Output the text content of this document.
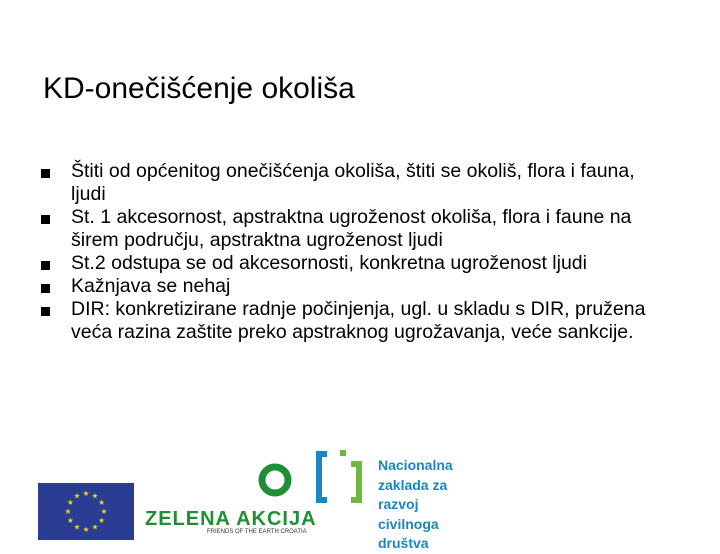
KD-onečišćenje okoliša
Štiti od općenitog onečišćenja okoliša, štiti se okoliš, flora i fauna, ljudi
St. 1 akcesornost, apstraktna ugroženost okoliša, flora i faune na širem području, apstraktna ugroženost ljudi
St.2 odstupa se od akcesornosti, konkretna ugroženost ljudi
Kažnjava se nehaj
DIR: konkretizirane radnje počinjenja, ugl. u skladu s DIR, pružena veća razina zaštite preko apstraknog ugrožavanja, veće sankcije.
ZELENA AKCIJA
FRIENDS OF THE EARTH CROATIA
Nacionalna
zaklada za
razvoj
civilnoga
društva
